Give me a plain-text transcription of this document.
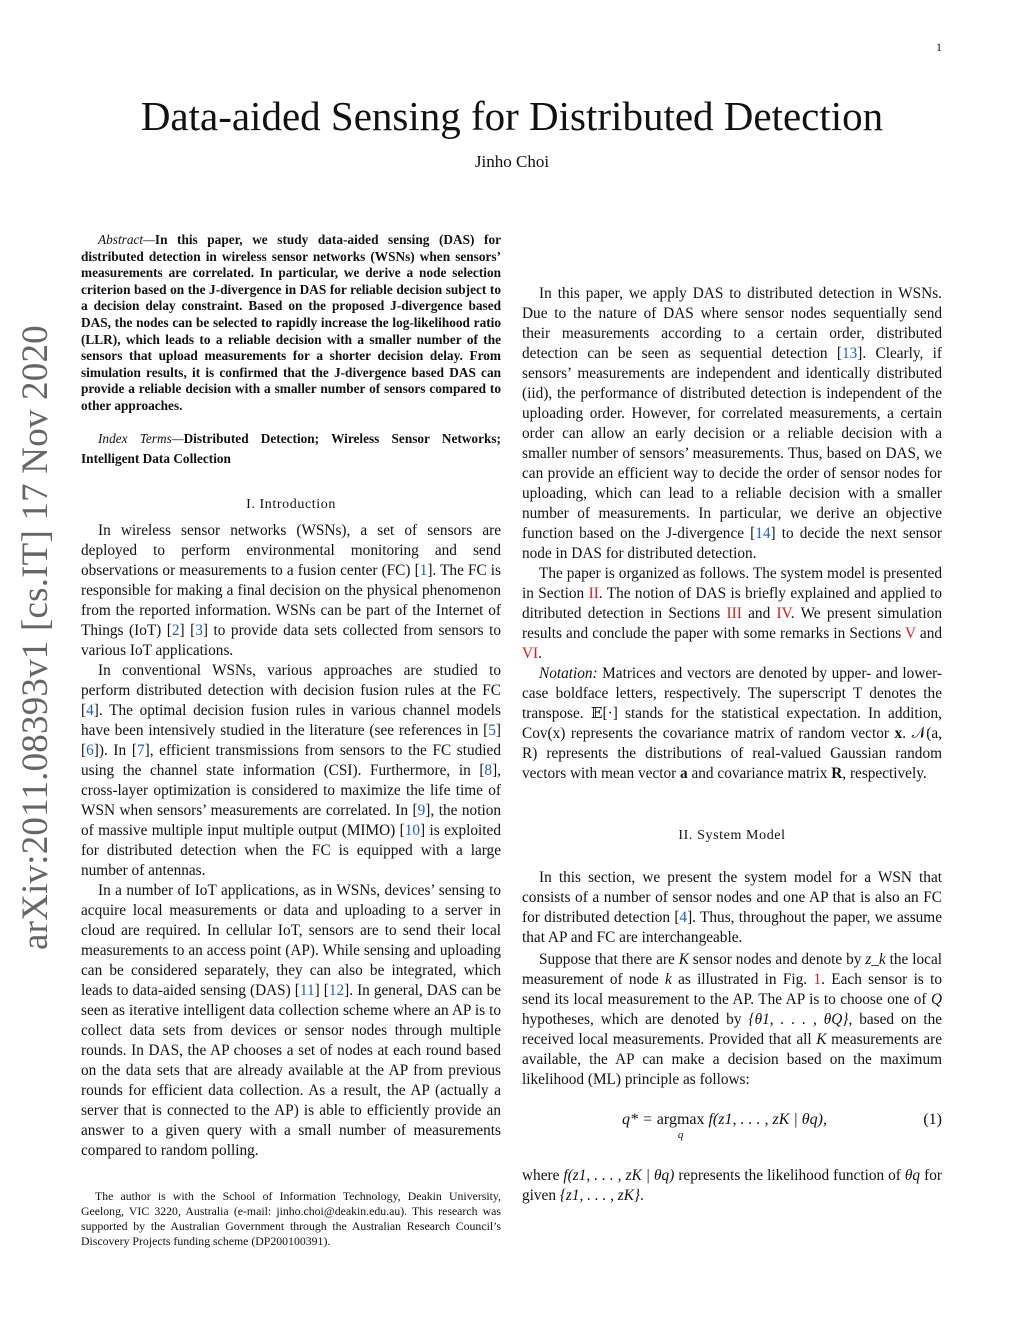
1
arXiv:2011.08393v1 [cs.IT] 17 Nov 2020
Data-aided Sensing for Distributed Detection
Jinho Choi
Abstract—In this paper, we study data-aided sensing (DAS) for distributed detection in wireless sensor networks (WSNs) when sensors’ measurements are correlated. In particular, we derive a node selection criterion based on the J-divergence in DAS for reliable decision subject to a decision delay constraint. Based on the proposed J-divergence based DAS, the nodes can be selected to rapidly increase the log-likelihood ratio (LLR), which leads to a reliable decision with a smaller number of the sensors that upload measurements for a shorter decision delay. From simulation results, it is confirmed that the J-divergence based DAS can provide a reliable decision with a smaller number of sensors compared to other approaches.
Index Terms—Distributed Detection; Wireless Sensor Networks; Intelligent Data Collection
I. Introduction

In wireless sensor networks (WSNs), a set of sensors are deployed to perform environmental monitoring and send observations or measurements to a fusion center (FC) [1]. The FC is responsible for making a final decision on the physical phenomenon from the reported information. WSNs can be part of the Internet of Things (IoT) [2] [3] to provide data sets collected from sensors to various IoT applications.

In conventional WSNs, various approaches are studied to perform distributed detection with decision fusion rules at the FC [4]. The optimal decision fusion rules in various channel models have been intensively studied in the literature (see references in [5] [6]). In [7], efficient transmissions from sensors to the FC studied using the channel state information (CSI). Furthermore, in [8], cross-layer optimization is considered to maximize the life time of WSN when sensors’ measurements are correlated. In [9], the notion of massive multiple input multiple output (MIMO) [10] is exploited for distributed detection when the FC is equipped with a large number of antennas.

In a number of IoT applications, as in WSNs, devices’ sensing to acquire local measurements or data and uploading to a server in cloud are required. In cellular IoT, sensors are to send their local measurements to an access point (AP). While sensing and uploading can be considered separately, they can also be integrated, which leads to data-aided sensing (DAS) [11] [12]. In general, DAS can be seen as iterative intelligent data collection scheme where an AP is to collect data sets from devices or sensor nodes through multiple rounds. In DAS, the AP chooses a set of nodes at each round based on the data sets that are already available at the AP from previous rounds for efficient data collection. As a result, the AP (actually a server that is connected to the AP) is able to efficiently provide an answer to a given query with a small number of measurements compared to random polling.

The author is with the School of Information Technology, Deakin University, Geelong, VIC 3220, Australia (e-mail: jinho.choi@deakin.edu.au). This research was supported by the Australian Government through the Australian Research Council’s Discovery Projects funding scheme (DP200100391).

In this paper, we apply DAS to distributed detection in WSNs. Due to the nature of DAS where sensor nodes sequentially send their measurements according to a certain order, distributed detection can be seen as sequential detection [13]. Clearly, if sensors’ measurements are independent and identically distributed (iid), the performance of distributed detection is independent of the uploading order. However, for correlated measurements, a certain order can allow an early decision or a reliable decision with a smaller number of sensors’ measurements. Thus, based on DAS, we can provide an efficient way to decide the order of sensor nodes for uploading, which can lead to a reliable decision with a smaller number of measurements. In particular, we derive an objective function based on the J-divergence [14] to decide the next sensor node in DAS for distributed detection.

The paper is organized as follows. The system model is presented in Section II. The notion of DAS is briefly explained and applied to ditributed detection in Sections III and IV. We present simulation results and conclude the paper with some remarks in Sections V and VI.

Notation: Matrices and vectors are denoted by upper- and lower-case boldface letters, respectively. The superscript T denotes the transpose. 𝔼[·] stands for the statistical expectation. In addition, Cov(x) represents the covariance matrix of random vector x. 𝒩(a, R) represents the distributions of real-valued Gaussian random vectors with mean vector a and covariance matrix R, respectively.

II. System Model

In this section, we present the system model for a WSN that consists of a number of sensor nodes and one AP that is also an FC for distributed detection [4]. Thus, throughout the paper, we assume that AP and FC are interchangeable.

Suppose that there are K sensor nodes and denote by z_k the local measurement of node k as illustrated in Fig. 1. Each sensor is to send its local measurement to the AP. The AP is to choose one of Q hypotheses, which are denoted by {θ1, . . . , θQ}, based on the received local measurements. Provided that all K measurements are available, the AP can make a decision based on the maximum likelihood (ML) principle as follows:

q* = argmax
q
f(z1, . . . , zK | θq),	(1)

where f(z1, . . . , zK | θq) represents the likelihood function of θq for given {z1, . . . , zK}.
